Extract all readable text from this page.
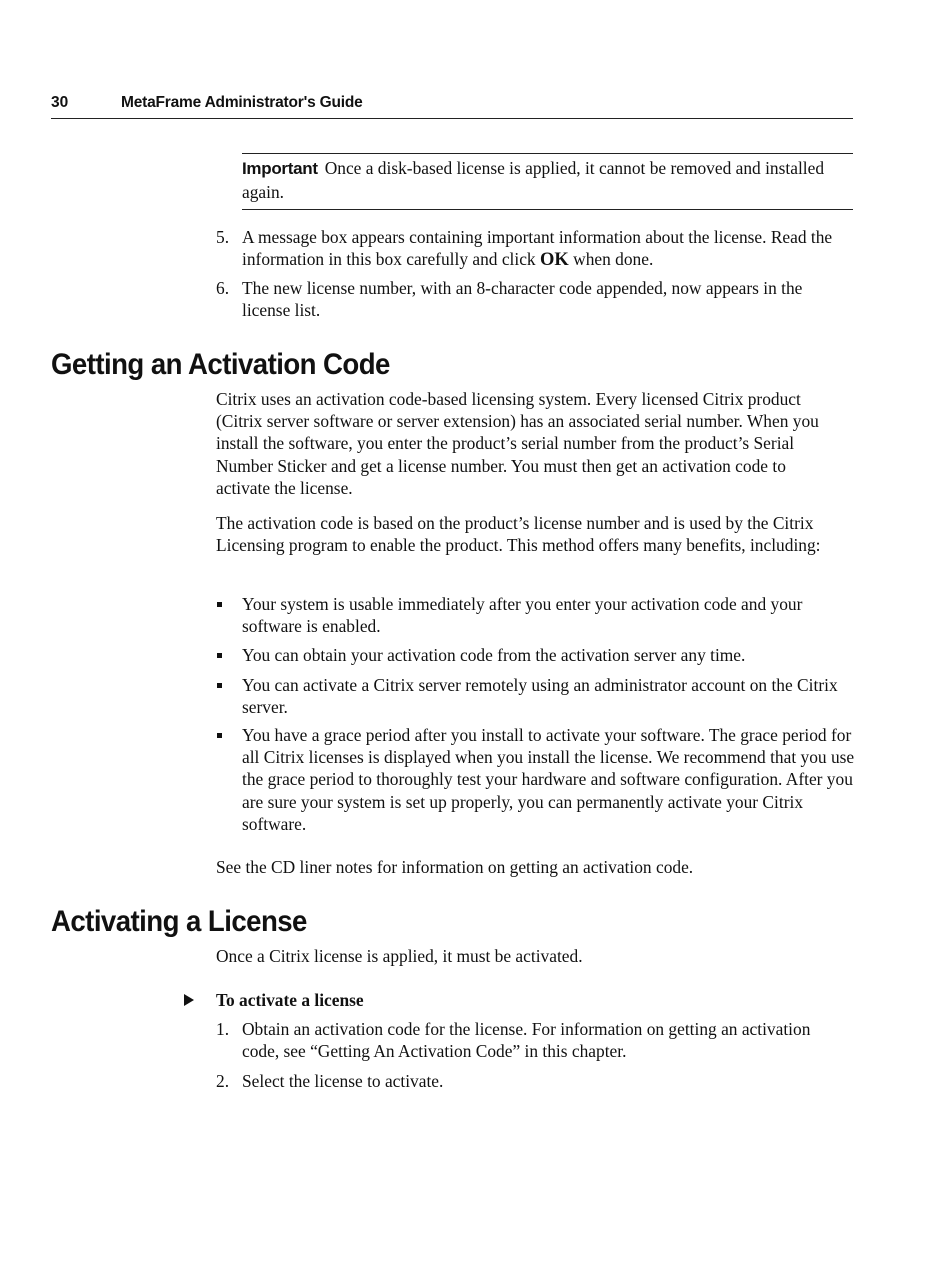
30	MetaFrame Administrator's Guide
Important Once a disk-based license is applied, it cannot be removed and installed again.
5. A message box appears containing important information about the license. Read the information in this box carefully and click OK when done.
6. The new license number, with an 8-character code appended, now appears in the license list.
Getting an Activation Code
Citrix uses an activation code-based licensing system. Every licensed Citrix product (Citrix server software or server extension) has an associated serial number. When you install the software, you enter the product’s serial number from the product’s Serial Number Sticker and get a license number. You must then get an activation code to activate the license.
The activation code is based on the product’s license number and is used by the Citrix Licensing program to enable the product. This method offers many benefits, including:
Your system is usable immediately after you enter your activation code and your software is enabled.
You can obtain your activation code from the activation server any time.
You can activate a Citrix server remotely using an administrator account on the Citrix server.
You have a grace period after you install to activate your software. The grace period for all Citrix licenses is displayed when you install the license. We recommend that you use the grace period to thoroughly test your hardware and software configuration. After you are sure your system is set up properly, you can permanently activate your Citrix software.
See the CD liner notes for information on getting an activation code.
Activating a License
Once a Citrix license is applied, it must be activated.
To activate a license
1. Obtain an activation code for the license. For information on getting an activation code, see “Getting An Activation Code” in this chapter.
2. Select the license to activate.
